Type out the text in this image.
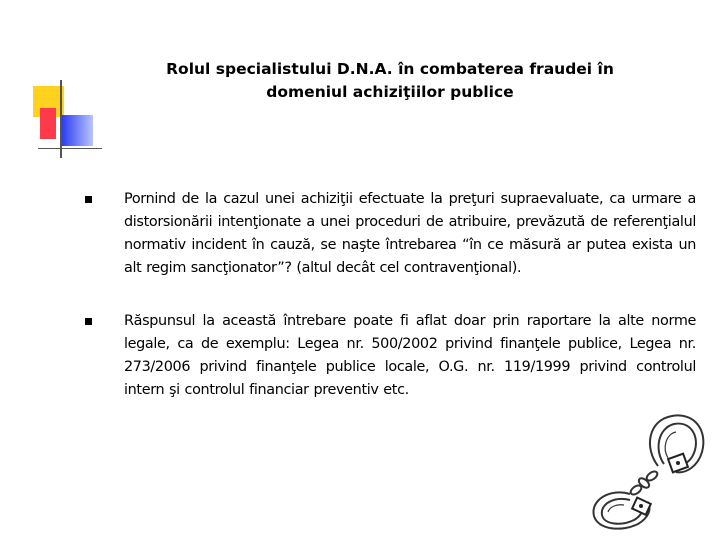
Rolul specialistului D.N.A. în combaterea fraudei în domeniul achiziţiilor publice
Pornind de la cazul unei achiziţii efectuate la preţuri supraevaluate, ca urmare a distorsionării intenţionate a unei proceduri de atribuire, prevăzută de referenţialul normativ incident în cauză, se naşte întrebarea “în ce măsură ar putea exista un alt regim sancţionator”? (altul decât cel contravenţional).
Răspunsul la această întrebare poate fi aflat doar prin raportare la alte norme legale, ca de exemplu: Legea nr. 500/2002 privind finanţele publice, Legea nr. 273/2006 privind finanţele publice locale, O.G. nr. 119/1999 privind controlul intern şi controlul financiar preventiv etc.
